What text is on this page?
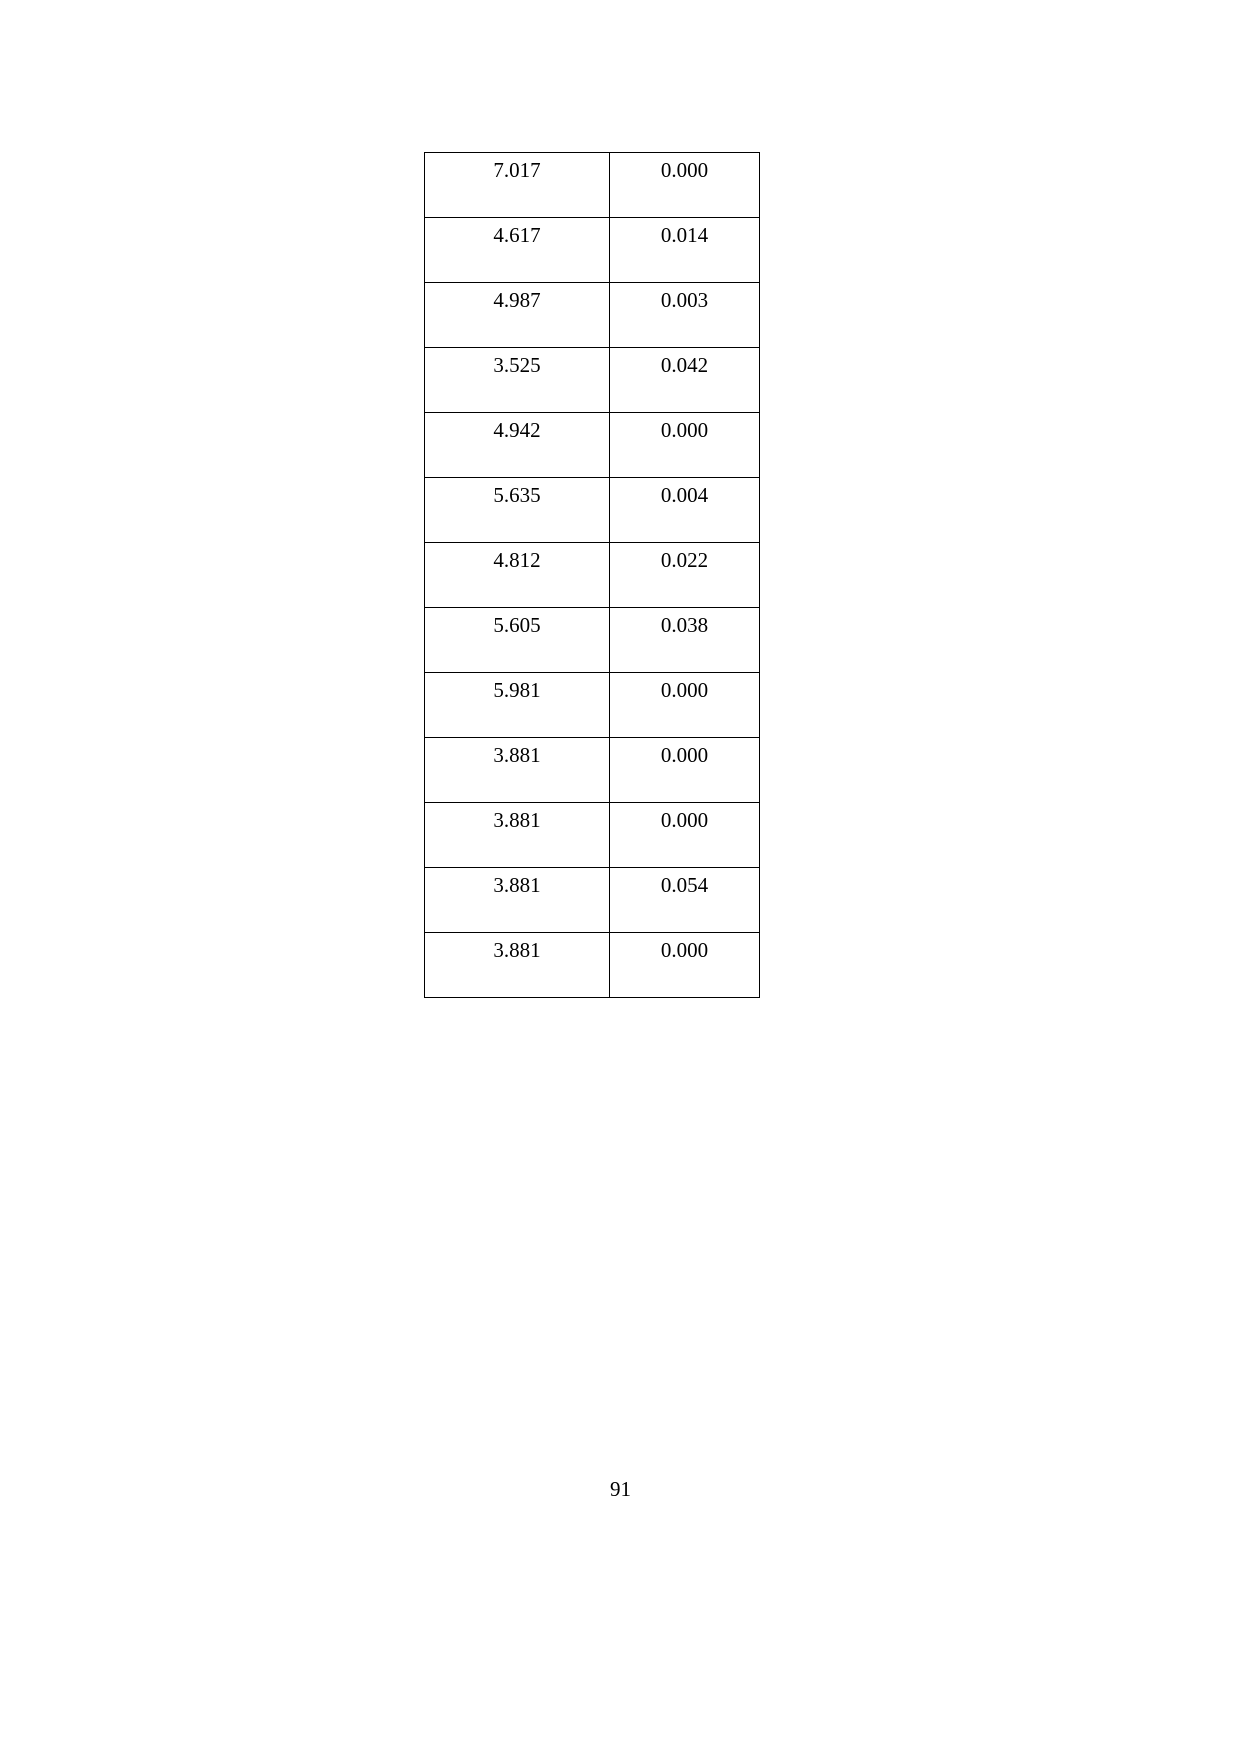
7.017	0.000
4.617	0.014
4.987	0.003
3.525	0.042
4.942	0.000
5.635	0.004
4.812	0.022
5.605	0.038
5.981	0.000
3.881	0.000
3.881	0.000
3.881	0.054
3.881	0.000
91
